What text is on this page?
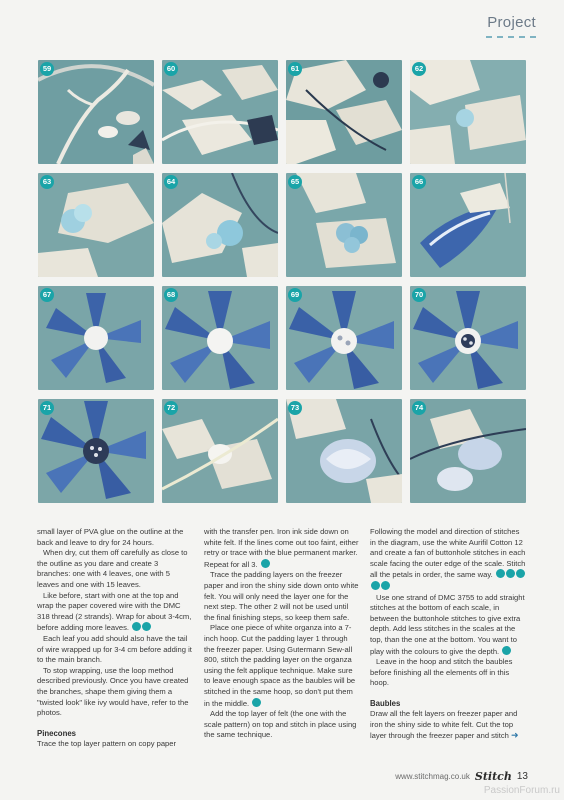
Project
59	60	61	62
63	64	65	66
67	68	69	70
71	72	73	74

small layer of PVA glue on the outline at the back and leave to dry for 24 hours.

When dry, cut them off carefully as close to the outline as you dare and create 3 branches: one with 4 leaves, one with 5 leaves and one with 15 leaves.

Like before, start with one at the top and wrap the paper covered wire with the DMC 318 thread (2 strands). Wrap for about 3-4cm, before adding more leaves.

Each leaf you add should also have the tail of wire wrapped up for 3-4 cm before adding it to the main branch.

To stop wrapping, use the loop method described previously. Once you have created the branches, shape them giving them a "twisted look" like ivy would have, refer to the photos.

Pinecones

Trace the top layer pattern on copy paper

with the transfer pen. Iron ink side down on white felt. If the lines come out too faint, either retry or trace with the blue permanent marker. Repeat for all 3.

Trace the padding layers on the freezer paper and iron the shiny side down onto white felt. You will only need the layer one for the next step. The other 2 will not be used until the final finishing steps, so keep them safe.

Place one piece of white organza into a 7-inch hoop. Cut the padding layer 1 through the freezer paper. Using Gutermann Sew-all 800, stitch the padding layer on the organza using the felt applique technique. Make sure to leave enough space as the baubles will be stitched in the same hoop, so don't put them in the middle.

Add the top layer of felt (the one with the scale pattern) on top and stitch in place using the same technique.

Following the model and direction of stitches in the diagram, use the white Aurifil Cotton 12 and create a fan of buttonhole stitches in each scale facing the outer edge of the scale. Stitch all the petals in order, the same way.

Use one strand of DMC 3755 to add straight stitches at the bottom of each scale, in between the buttonhole stitches to give extra depth. Add less stitches in the scales at the top, than the one at the bottom. You want to play with the colours to give the depth.

Leave in the hoop and stitch the baubles before finishing all the elements off in this hoop.

Baubles

Draw all the felt layers on freezer paper and iron the shiny side to white felt. Cut the top layer through the freezer paper and stitch ➜

www.stitchmag.co.uk Stitch 13
PassionForum.ru
